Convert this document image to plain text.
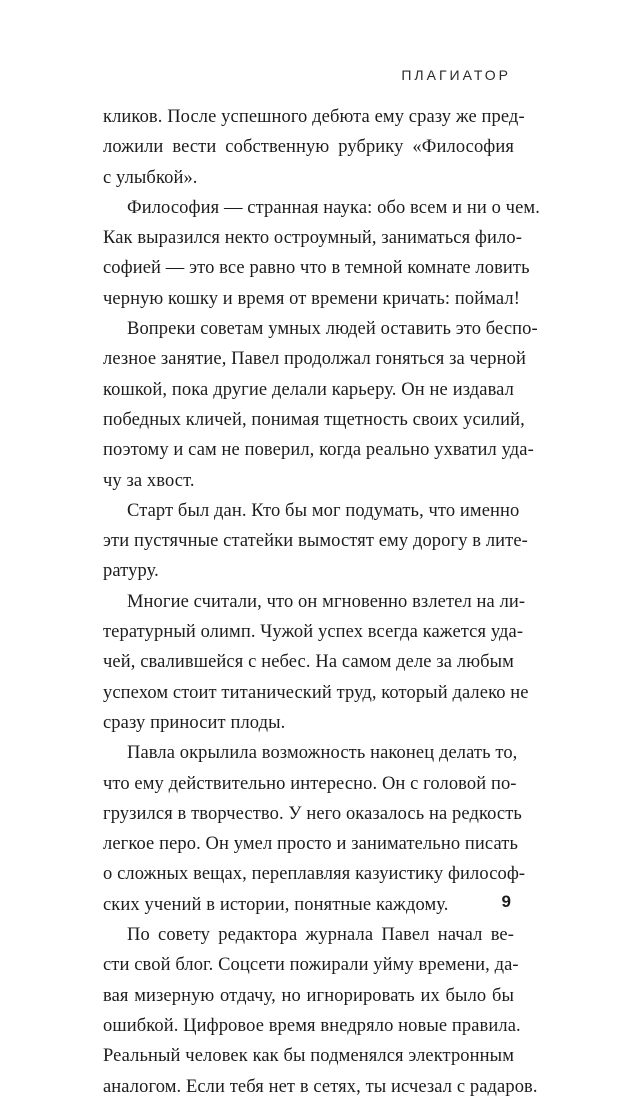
ПЛАГИАТОР

кликов. После успешного дебюта ему сразу же пред-
ложили вести собственную рубрику «Философия
с улыбкой».

Философия — странная наука: обо всем и ни о чем.
Как выразился некто остроумный, заниматься фило-
софией — это все равно что в темной комнате ловить
черную кошку и время от времени кричать: поймал!

Вопреки советам умных людей оставить это беспо-
лезное занятие, Павел продолжал гоняться за черной
кошкой, пока другие делали карьеру. Он не издавал
победных кличей, понимая тщетность своих усилий,
поэтому и сам не поверил, когда реально ухватил уда-
чу за хвост.

Старт был дан. Кто бы мог подумать, что именно
эти пустячные статейки вымостят ему дорогу в лите-
ратуру.

Многие считали, что он мгновенно взлетел на ли-
тературный олимп. Чужой успех всегда кажется уда-
чей, свалившейся с небес. На самом деле за любым
успехом стоит титанический труд, который далеко не
сразу приносит плоды.

Павла окрылила возможность наконец делать то,
что ему действительно интересно. Он с головой по-
грузился в творчество. У него оказалось на редкость
легкое перо. Он умел просто и занимательно писать
о сложных вещах, переплавляя казуистику философ-
ских учений в истории, понятные каждому.

По совету редактора журнала Павел начал ве-
сти свой блог. Соцсети пожирали уйму времени, да-
вая мизерную отдачу, но игнорировать их было бы
ошибкой. Цифровое время внедряло новые правила.
Реальный человек как бы подменялся электронным
аналогом. Если тебя нет в сетях, ты исчезал с радаров.

9
